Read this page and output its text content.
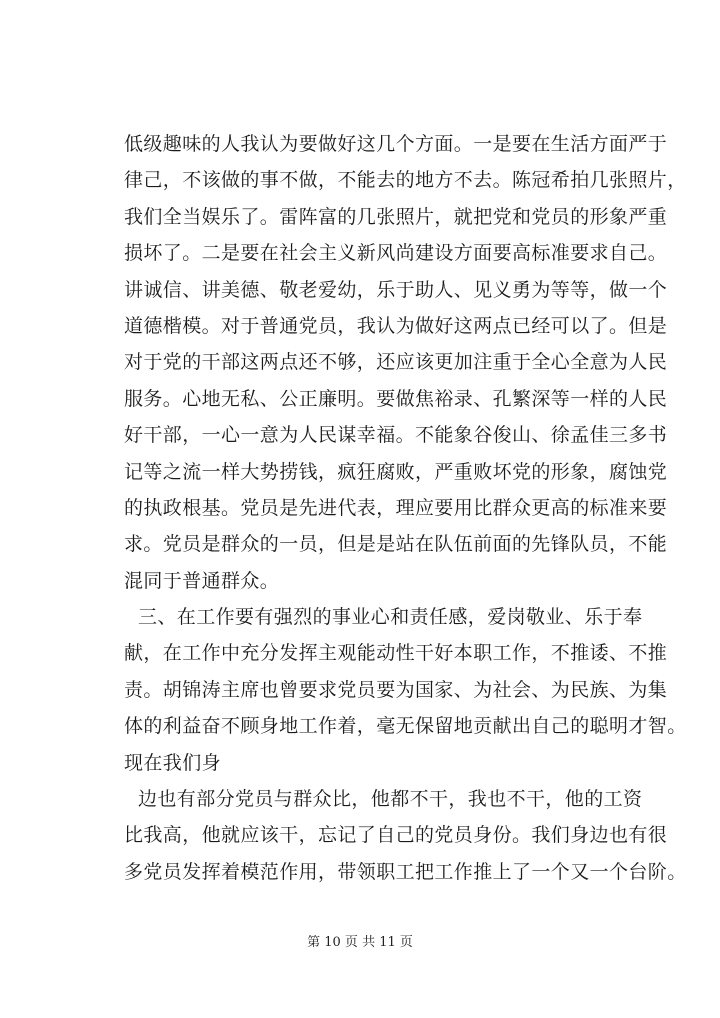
低级趣味的人我认为要做好这几个方面。一是要在生活方面严于
律己，不该做的事不做，不能去的地方不去。陈冠希拍几张照片，
我们全当娱乐了。雷阵富的几张照片，就把党和党员的形象严重
损坏了。二是要在社会主义新风尚建设方面要高标准要求自己。
讲诚信、讲美德、敬老爱幼，乐于助人、见义勇为等等，做一个
道德楷模。对于普通党员，我认为做好这两点已经可以了。但是
对于党的干部这两点还不够，还应该更加注重于全心全意为人民
服务。心地无私、公正廉明。要做焦裕录、孔繁深等一样的人民
好干部，一心一意为人民谋幸福。不能象谷俊山、徐孟佳三多书
记等之流一样大势捞钱，疯狂腐败，严重败坏党的形象，腐蚀党
的执政根基。党员是先进代表，理应要用比群众更高的标准来要
求。党员是群众的一员，但是是站在队伍前面的先锋队员，不能
混同于普通群众。
三、在工作要有强烈的事业心和责任感，爱岗敬业、乐于奉
献，在工作中充分发挥主观能动性干好本职工作，不推诿、不推
责。胡锦涛主席也曾要求党员要为国家、为社会、为民族、为集
体的利益奋不顾身地工作着，毫无保留地贡献出自己的聪明才智。
现在我们身
边也有部分党员与群众比，他都不干，我也不干，他的工资
比我高，他就应该干，忘记了自己的党员身份。我们身边也有很
多党员发挥着模范作用，带领职工把工作推上了一个又一个台阶。
第 10 页 共 11 页
